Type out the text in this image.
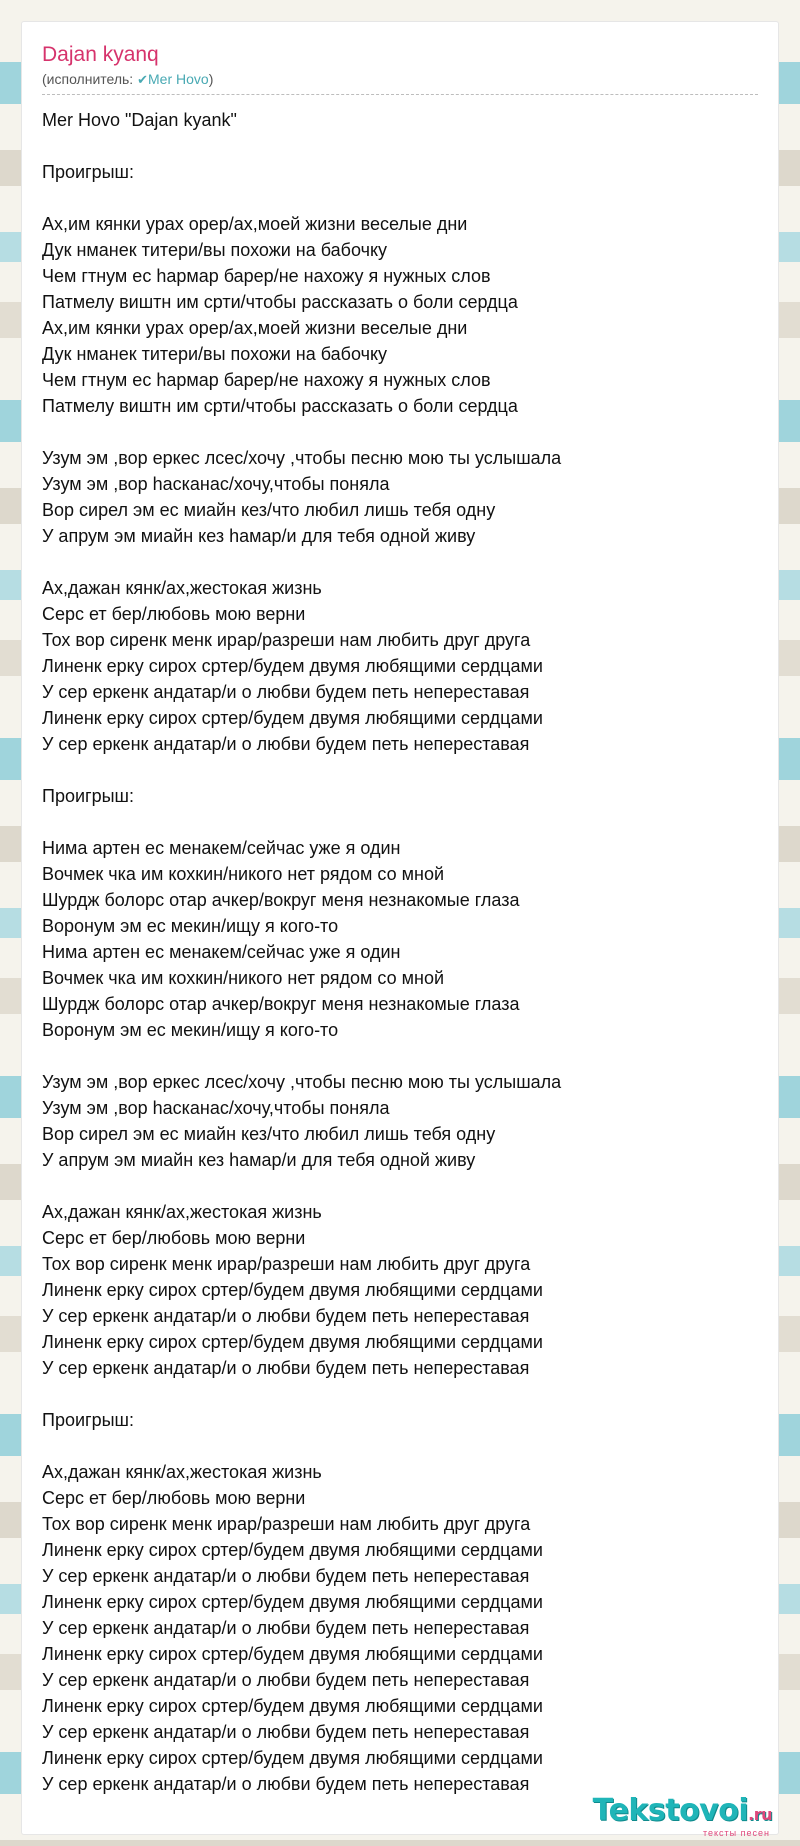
Dajan kyanq
(исполнитель: ✔Mer Hovo)
Mer Hovo "Dajan kyank"
Проигрыш:
Ах,им кянки урах орер/ах,моей жизни веселые дни
Дук нманек титери/вы похожи на бабочку
Чем гтнум ес hармар барер/не нахожу я нужных слов
Патмелу виштн им срти/чтобы рассказать о боли сердца
Ах,им кянки урах орер/ах,моей жизни веселые дни
Дук нманек титери/вы похожи на бабочку
Чем гтнум ес hармар барер/не нахожу я нужных слов
Патмелу виштн им срти/чтобы рассказать о боли сердца
Узум эм ,вор еркес лсес/хочу ,чтобы песню мою ты услышала
Узум эм ,вор hасканас/хочу,чтобы поняла
Вор сирел эм ес миайн кез/что любил лишь тебя одну
У апрум эм миайн кез hамар/и для тебя одной живу
Ах,дажан кянк/ах,жестокая жизнь
Серс ет бер/любовь мою верни
Тох вор сиренк менк ирар/разреши нам любить друг друга
Линенк ерку сирох сртер/будем двумя любящими сердцами
У сер еркенк андатар/и о любви будем петь непереставая
Линенк ерку сирох сртер/будем двумя любящими сердцами
У сер еркенк андатар/и о любви будем петь непереставая
Проигрыш:
Нима артен ес менакем/сейчас уже я один
Вочмек чка им кохкин/никого нет рядом со мной
Шурдж болорс отар ачкер/вокруг меня незнакомые глаза
Воронум эм ес мекин/ищу я кого-то
Нима артен ес менакем/сейчас уже я один
Вочмек чка им кохкин/никого нет рядом со мной
Шурдж болорс отар ачкер/вокруг меня незнакомые глаза
Воронум эм ес мекин/ищу я кого-то
Узум эм ,вор еркес лсес/хочу ,чтобы песню мою ты услышала
Узум эм ,вор hасканас/хочу,чтобы поняла
Вор сирел эм ес миайн кез/что любил лишь тебя одну
У апрум эм миайн кез hамар/и для тебя одной живу
Ах,дажан кянк/ах,жестокая жизнь
Серс ет бер/любовь мою верни
Тох вор сиренк менк ирар/разреши нам любить друг друга
Линенк ерку сирох сртер/будем двумя любящими сердцами
У сер еркенк андатар/и о любви будем петь непереставая
Линенк ерку сирох сртер/будем двумя любящими сердцами
У сер еркенк андатар/и о любви будем петь непереставая
Проигрыш:
Ах,дажан кянк/ах,жестокая жизнь
Серс ет бер/любовь мою верни
Тох вор сиренк менк ирар/разреши нам любить друг друга
Линенк ерку сирох сртер/будем двумя любящими сердцами
У сер еркенк андатар/и о любви будем петь непереставая
Линенк ерку сирох сртер/будем двумя любящими сердцами
У сер еркенк андатар/и о любви будем петь непереставая
Линенк ерку сирох сртер/будем двумя любящими сердцами
У сер еркенк андатар/и о любви будем петь непереставая
Линенк ерку сирох сртер/будем двумя любящими сердцами
У сер еркенк андатар/и о любви будем петь непереставая
Линенк ерку сирох сртер/будем двумя любящими сердцами
У сер еркенк андатар/и о любви будем петь непереставая
Tekstovoi.ru
тексты песен
